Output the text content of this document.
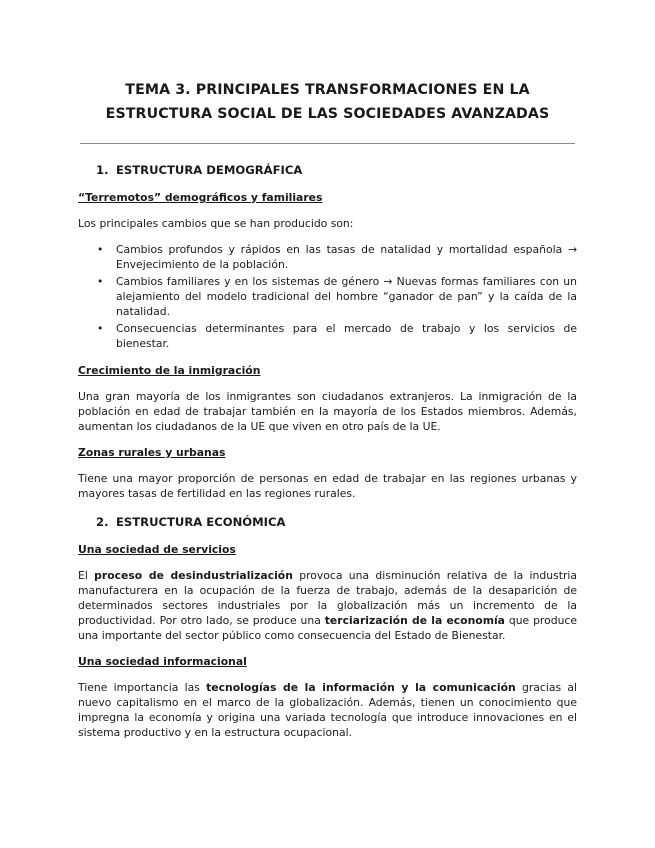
TEMA 3. PRINCIPALES TRANSFORMACIONES EN LA
ESTRUCTURA SOCIAL DE LAS SOCIEDADES AVANZADAS
1. ESTRUCTURA DEMOGRÁFICA
“Terremotos” demográficos y familiares

Los principales cambios que se han producido son:

• Cambios profundos y rápidos en las tasas de natalidad y mortalidad española → Envejecimiento de la población.
• Cambios familiares y en los sistemas de género → Nuevas formas familiares con un alejamiento del modelo tradicional del hombre “ganador de pan” y la caída de la natalidad.
• Consecuencias determinantes para el mercado de trabajo y los servicios de bienestar.
Crecimiento de la inmigración

Una gran mayoría de los inmigrantes son ciudadanos extranjeros. La inmigración de la población en edad de trabajar también en la mayoría de los Estados miembros. Además, aumentan los ciudadanos de la UE que viven en otro país de la UE.

Zonas rurales y urbanas

Tiene una mayor proporción de personas en edad de trabajar en las regiones urbanas y mayores tasas de fertilidad en las regiones rurales.

2. ESTRUCTURA ECONÓMICA
Una sociedad de servicios

El proceso de desindustrialización provoca una disminución relativa de la industria manufacturera en la ocupación de la fuerza de trabajo, además de la desaparición de determinados sectores industriales por la globalización más un incremento de la productividad. Por otro lado, se produce una terciarización de la economía que produce una importante del sector público como consecuencia del Estado de Bienestar.

Una sociedad informacional

Tiene importancia las tecnologías de la información y la comunicación gracias al nuevo capitalismo en el marco de la globalización. Además, tienen un conocimiento que impregna la economía y origina una variada tecnología que introduce innovaciones en el sistema productivo y en la estructura ocupacional.
